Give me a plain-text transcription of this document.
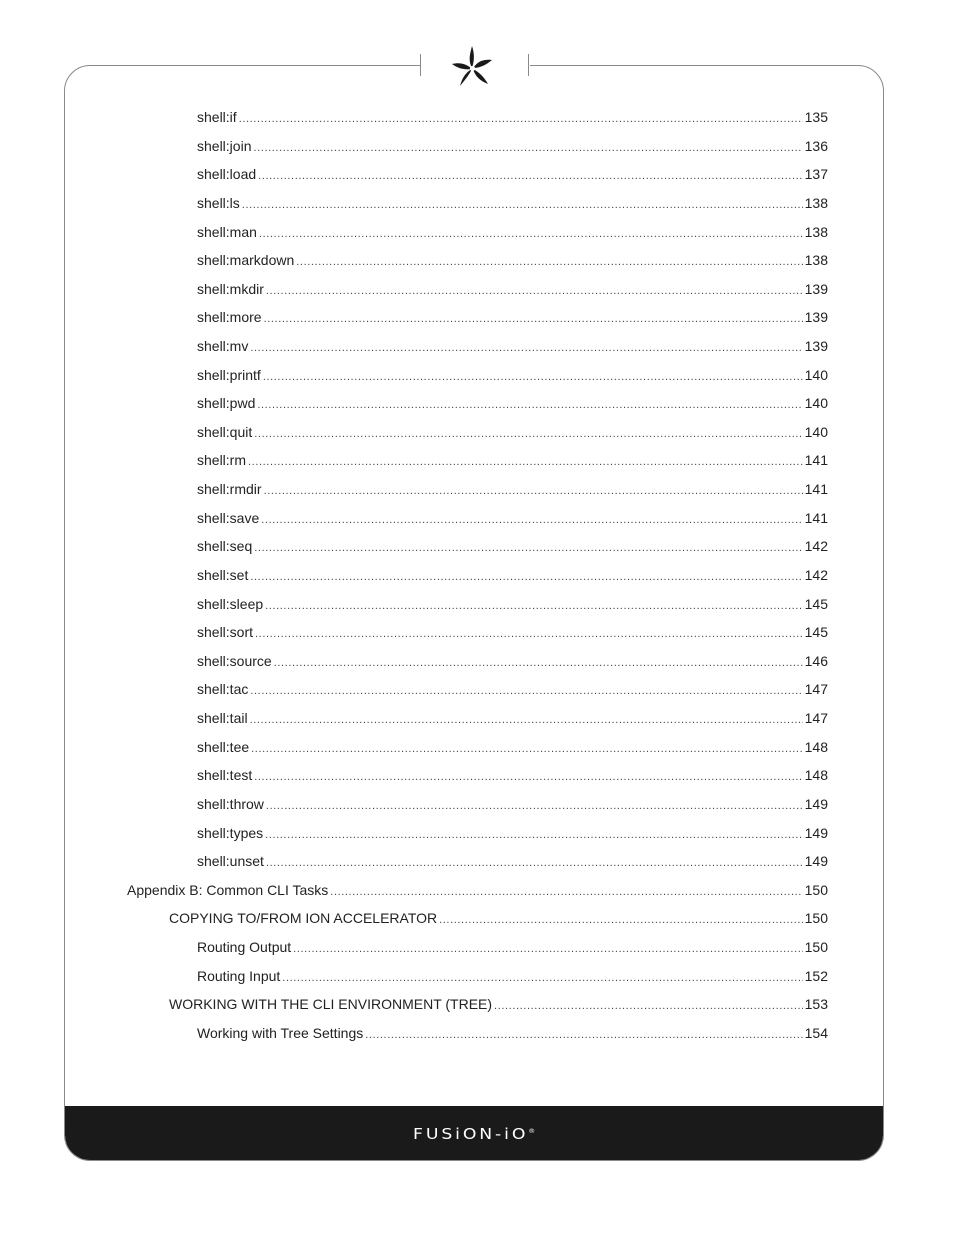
FUSiON-iO®
shell:if .....	135
shell:join .....	136
shell:load .....	137
shell:ls .....	138
shell:man .....	138
shell:markdown .....	138
shell:mkdir .....	139
shell:more .....	139
shell:mv .....	139
shell:printf .....	140
shell:pwd .....	140
shell:quit .....	140
shell:rm .....	141
shell:rmdir .....	141
shell:save .....	141
shell:seq .....	142
shell:set .....	142
shell:sleep .....	145
shell:sort .....	145
shell:source .....	146
shell:tac .....	147
shell:tail .....	147
shell:tee .....	148
shell:test .....	148
shell:throw .....	149
shell:types .....	149
shell:unset .....	149
Appendix B: Common CLI Tasks .....	150
COPYING TO/FROM ION ACCELERATOR .....	150
Routing Output .....	150
Routing Input .....	152
WORKING WITH THE CLI ENVIRONMENT (TREE) .....	153
Working with Tree Settings .....	154
